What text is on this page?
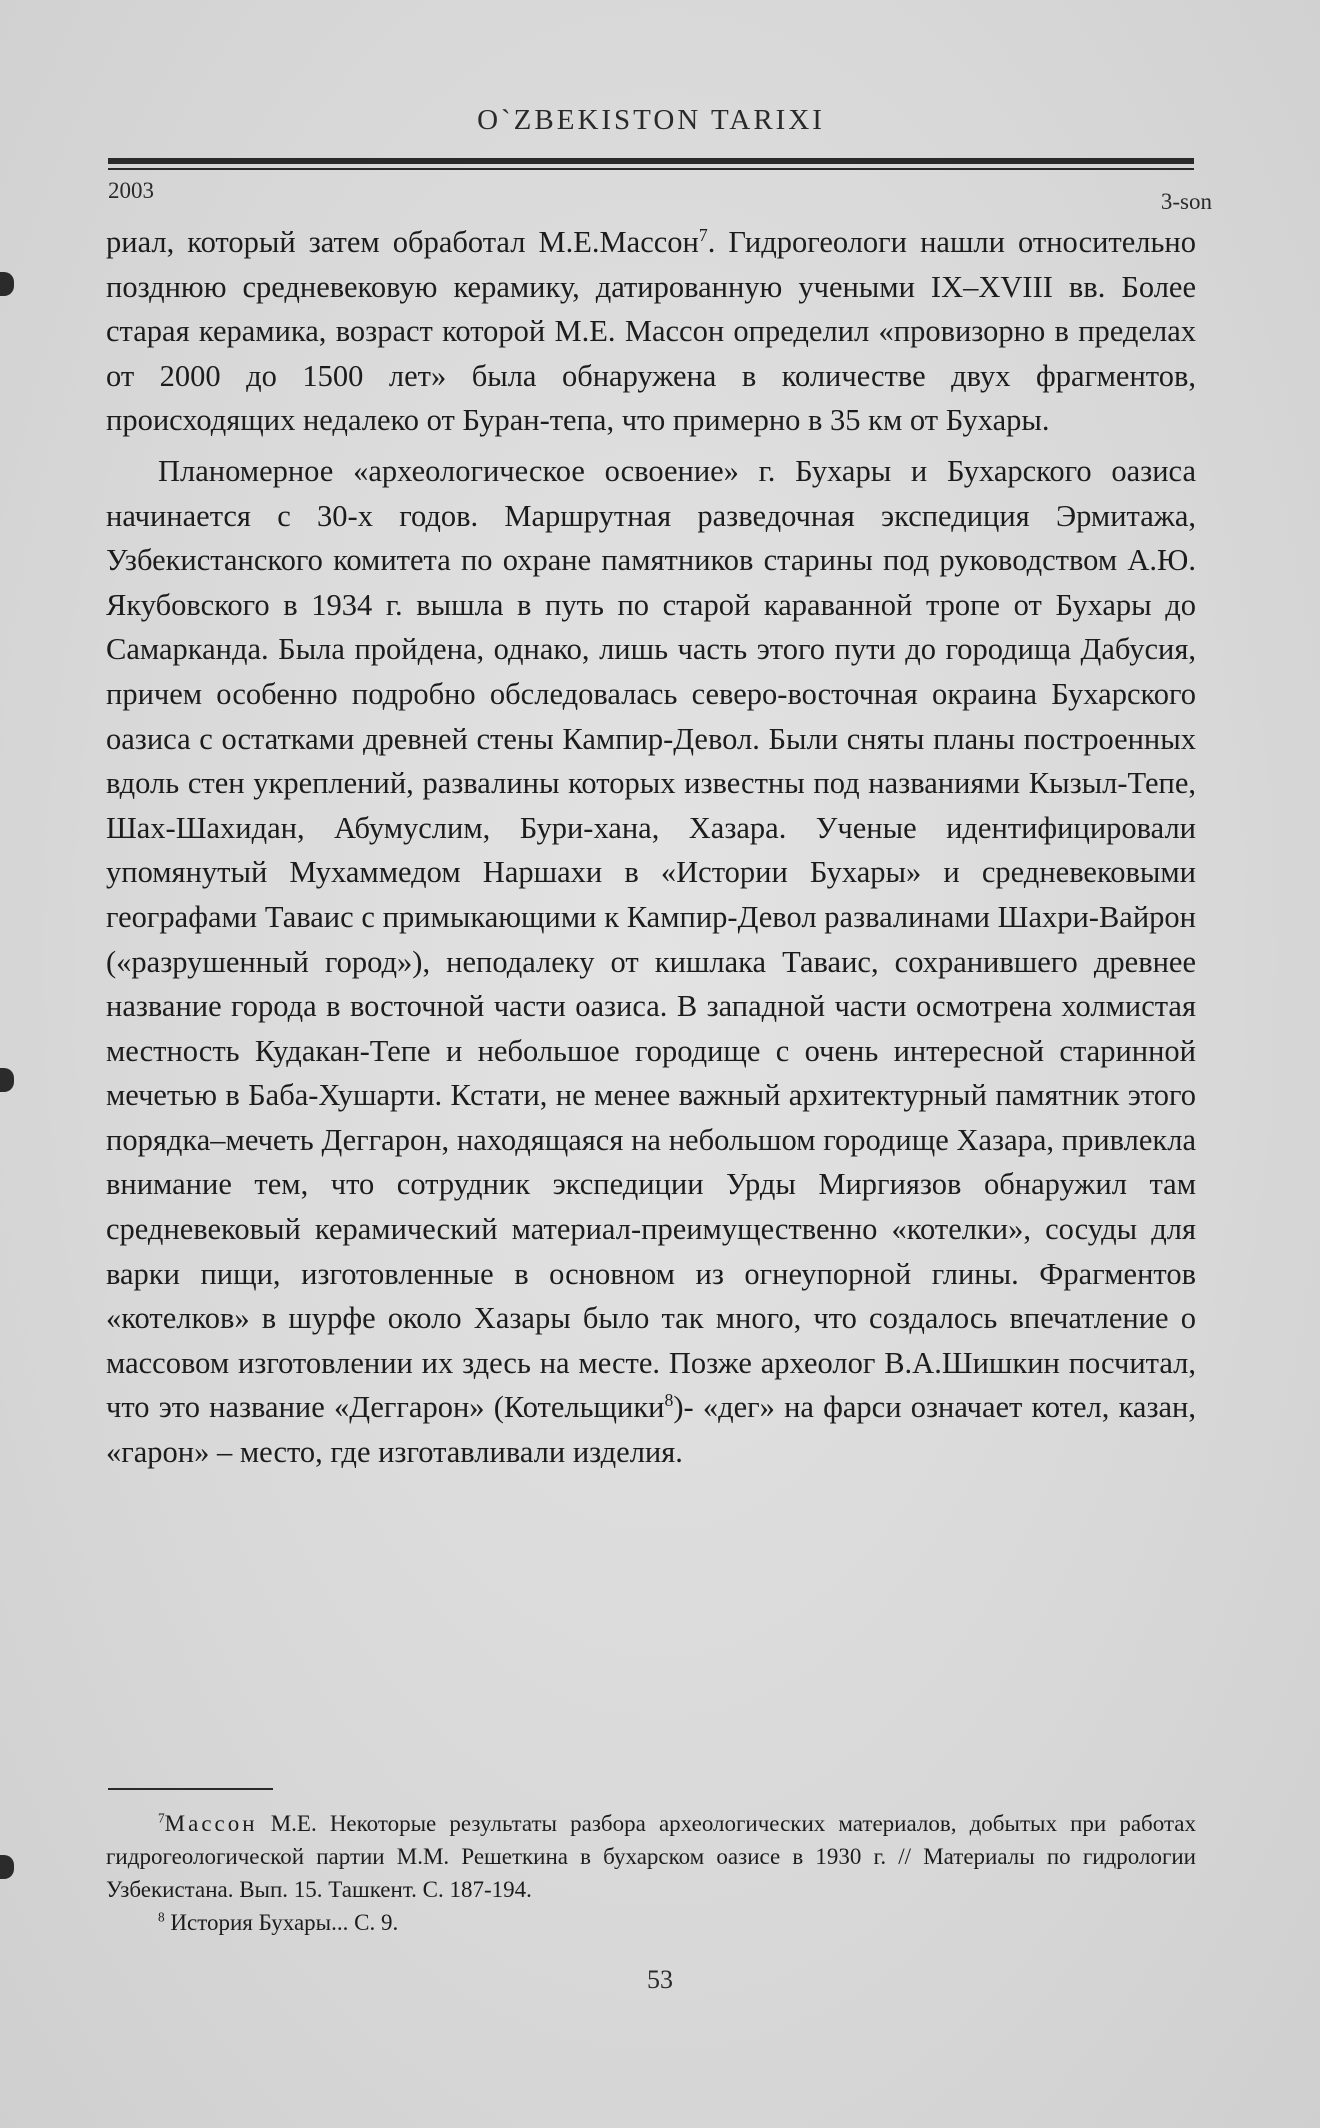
O`ZBEKISTON TARIXI
2003	3-son

риал, который затем обработал М.Е.Массон$^7$. Гидрогеологи нашли относительно позднюю средневековую керамику, датированную учеными IX–XVIII вв. Более старая керамика, возраст которой М.Е. Массон определил «провизорно в пределах от 2000 до 1500 лет» была обнаружена в количестве двух фрагментов, происходящих недалеко от Буран-тепа, что примерно в 35 км от Бухары.

Планомерное «археологическое освоение» г. Бухары и Бухарского оазиса начинается с 30-х годов. Маршрутная разведочная экспедиция Эрмитажа, Узбекистанского комитета по охране памятников старины под руководством А.Ю. Якубовского в 1934 г. вышла в путь по старой караванной тропе от Бухары до Самарканда. Была пройдена, однако, лишь часть этого пути до городища Дабусия, причем особенно подробно обследовалась северо-восточная окраина Бухарского оазиса с остатками древней стены Кампир-Девол. Были сняты планы построенных вдоль стен укреплений, развалины которых известны под названиями Кызыл-Тепе, Шах-Шахидан, Абумуслим, Бури-хана, Хазара. Ученые идентифицировали упомянутый Мухаммедом Наршахи в «Истории Бухары» и средневековыми географами Таваис с примыкающими к Кампир-Девол развалинами Шахри-Вайрон («разрушенный город»), неподалеку от кишлака Таваис, сохранившего древнее название города в восточной части оазиса. В западной части осмотрена холмистая местность Кудакан-Тепе и небольшое городище с очень интересной старинной мечетью в Баба-Хушарти. Кстати, не менее важный архитектурный памятник этого порядка–мечеть Деггарон, находящаяся на небольшом городище Хазара, привлекла внимание тем, что сотрудник экспедиции Урды Миргиязов обнаружил там средневековый керамический материал-преимущественно «котелки», сосуды для варки пищи, изготовленные в основном из огнеупорной глины. Фрагментов «котелков» в шурфе около Хазары было так много, что создалось впечатление о массовом изготовлении их здесь на месте. Позже археолог В.А.Шишкин посчитал, что это название «Деггарон» (Котельщики$^8$)- «дег» на фарси означает котел, казан, «гарон» – место, где изготавливали изделия.

$^7$Массон М.Е. Некоторые результаты разбора археологических материалов, добытых при работах гидрогеологической партии М.М. Решеткина в бухарском оазисе в 1930 г. // Материалы по гидрологии Узбекистана. Вып. 15. Ташкент. С. 187-194.

$^8$ История Бухары... С. 9.

53
